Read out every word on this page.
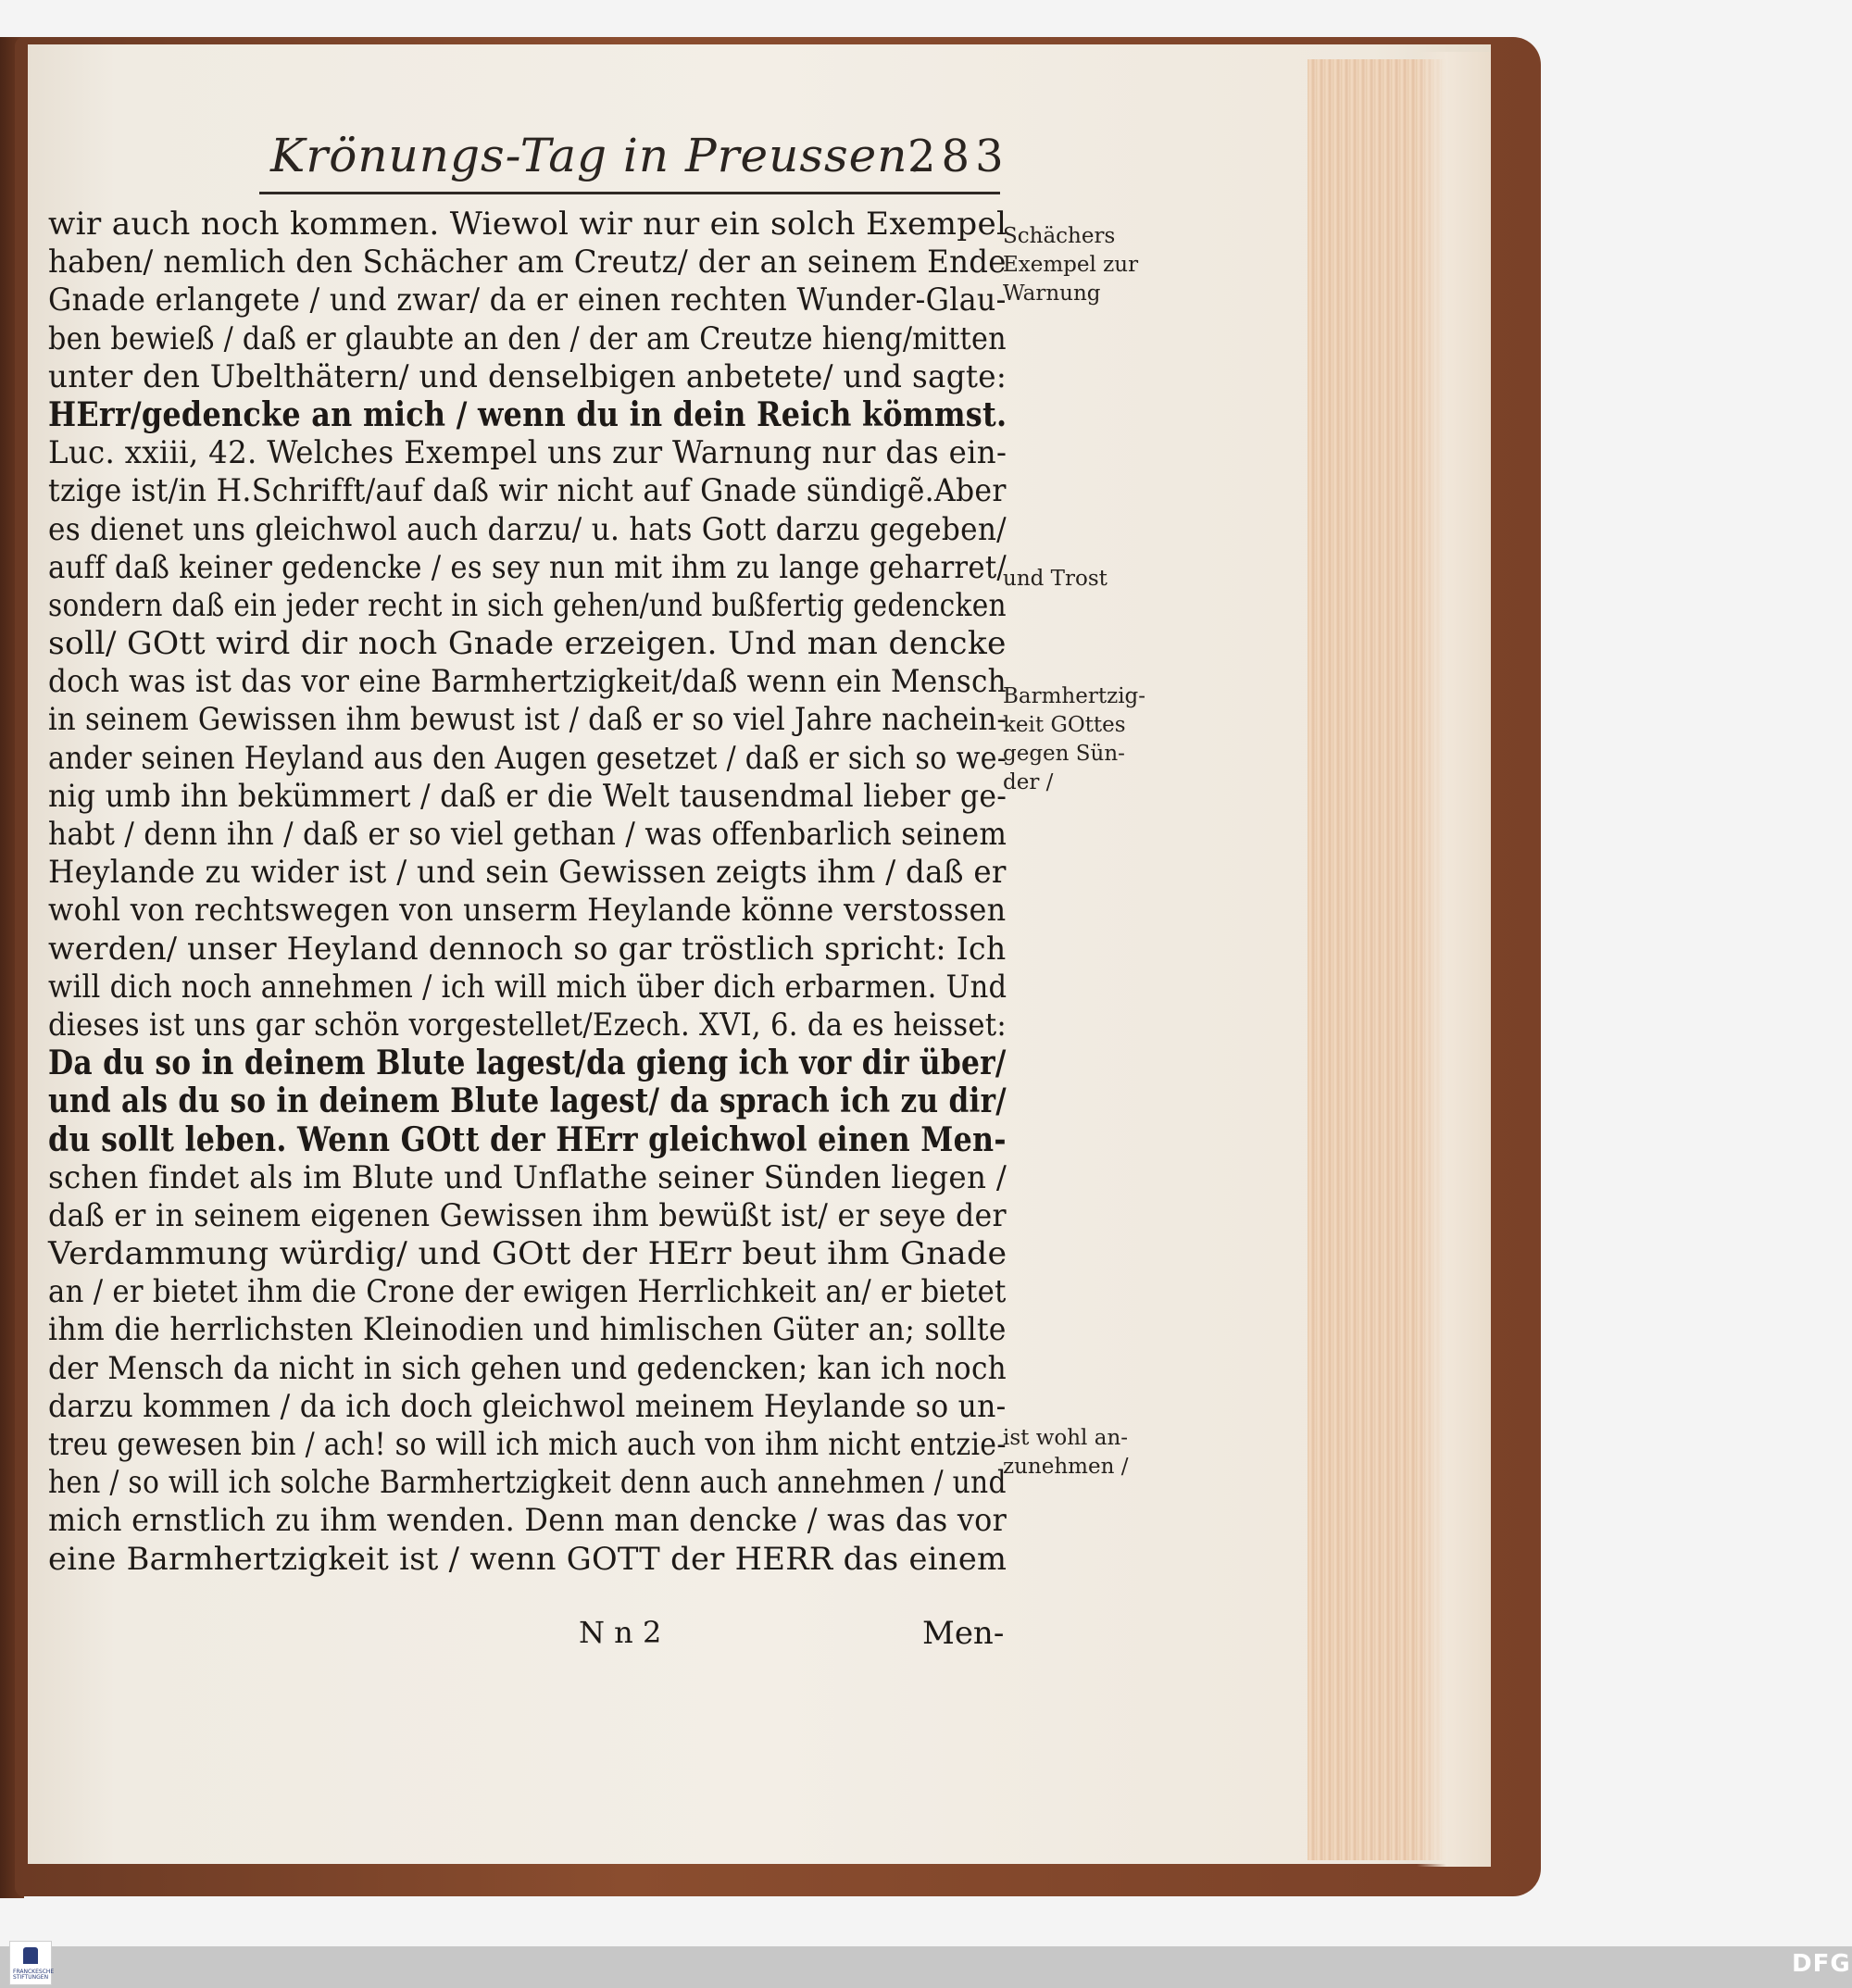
Krönungs-Tag in Preussen.
283
wir auch noch kommen. Wiewol wir nur ein solch Exempel
haben/ nemlich den Schächer am Creutz/ der an seinem Ende
Gnade erlangete / und zwar/ da er einen rechten Wunder-Glau-
ben bewieß / daß er glaubte an den / der am Creutze hieng/mitten
unter den Ubelthätern/ und denselbigen anbetete/ und sagte:
HErr/gedencke an mich / wenn du in dein Reich kömmst.
Luc. xxiii, 42. Welches Exempel uns zur Warnung nur das ein-
tzige ist/in H.Schrifft/auf daß wir nicht auf Gnade sündigẽ.Aber
es dienet uns gleichwol auch darzu/ u. hats Gott darzu gegeben/
auff daß keiner gedencke / es sey nun mit ihm zu lange geharret/
sondern daß ein jeder recht in sich gehen/und bußfertig gedencken
soll/ GOtt wird dir noch Gnade erzeigen. Und man dencke
doch was ist das vor eine Barmhertzigkeit/daß wenn ein Mensch
in seinem Gewissen ihm bewust ist / daß er so viel Jahre nachein-
ander seinen Heyland aus den Augen gesetzet / daß er sich so we-
nig umb ihn bekümmert / daß er die Welt tausendmal lieber ge-
habt / denn ihn / daß er so viel gethan / was offenbarlich seinem
Heylande zu wider ist / und sein Gewissen zeigts ihm / daß er
wohl von rechtswegen von unserm Heylande könne verstossen
werden/ unser Heyland dennoch so gar tröstlich spricht: Ich
will dich noch annehmen / ich will mich über dich erbarmen. Und
dieses ist uns gar schön vorgestellet/Ezech. XVI, 6. da es heisset:
Da du so in deinem Blute lagest/da gieng ich vor dir über/
und als du so in deinem Blute lagest/ da sprach ich zu dir/
du sollt leben. Wenn GOtt der HErr gleichwol einen Men-
schen findet als im Blute und Unflathe seiner Sünden liegen /
daß er in seinem eigenen Gewissen ihm bewüßt ist/ er seye der
Verdammung würdig/ und GOtt der HErr beut ihm Gnade
an / er bietet ihm die Crone der ewigen Herrlichkeit an/ er bietet
ihm die herrlichsten Kleinodien und himlischen Güter an; sollte
der Mensch da nicht in sich gehen und gedencken; kan ich noch
darzu kommen / da ich doch gleichwol meinem Heylande so un-
treu gewesen bin / ach! so will ich mich auch von ihm nicht entzie-
hen / so will ich solche Barmhertzigkeit denn auch annehmen / und
mich ernstlich zu ihm wenden. Denn man dencke / was das vor
eine Barmhertzigkeit ist / wenn GOTT der HERR das einem
Schächers
Exempel zur
Warnung
und Trost
Barmhertzig-
keit GOttes
gegen Sün-
der /
ist wohl an-
zunehmen /
N n 2	Men-
FRANCKESCHE STIFTUNGEN	DFG
